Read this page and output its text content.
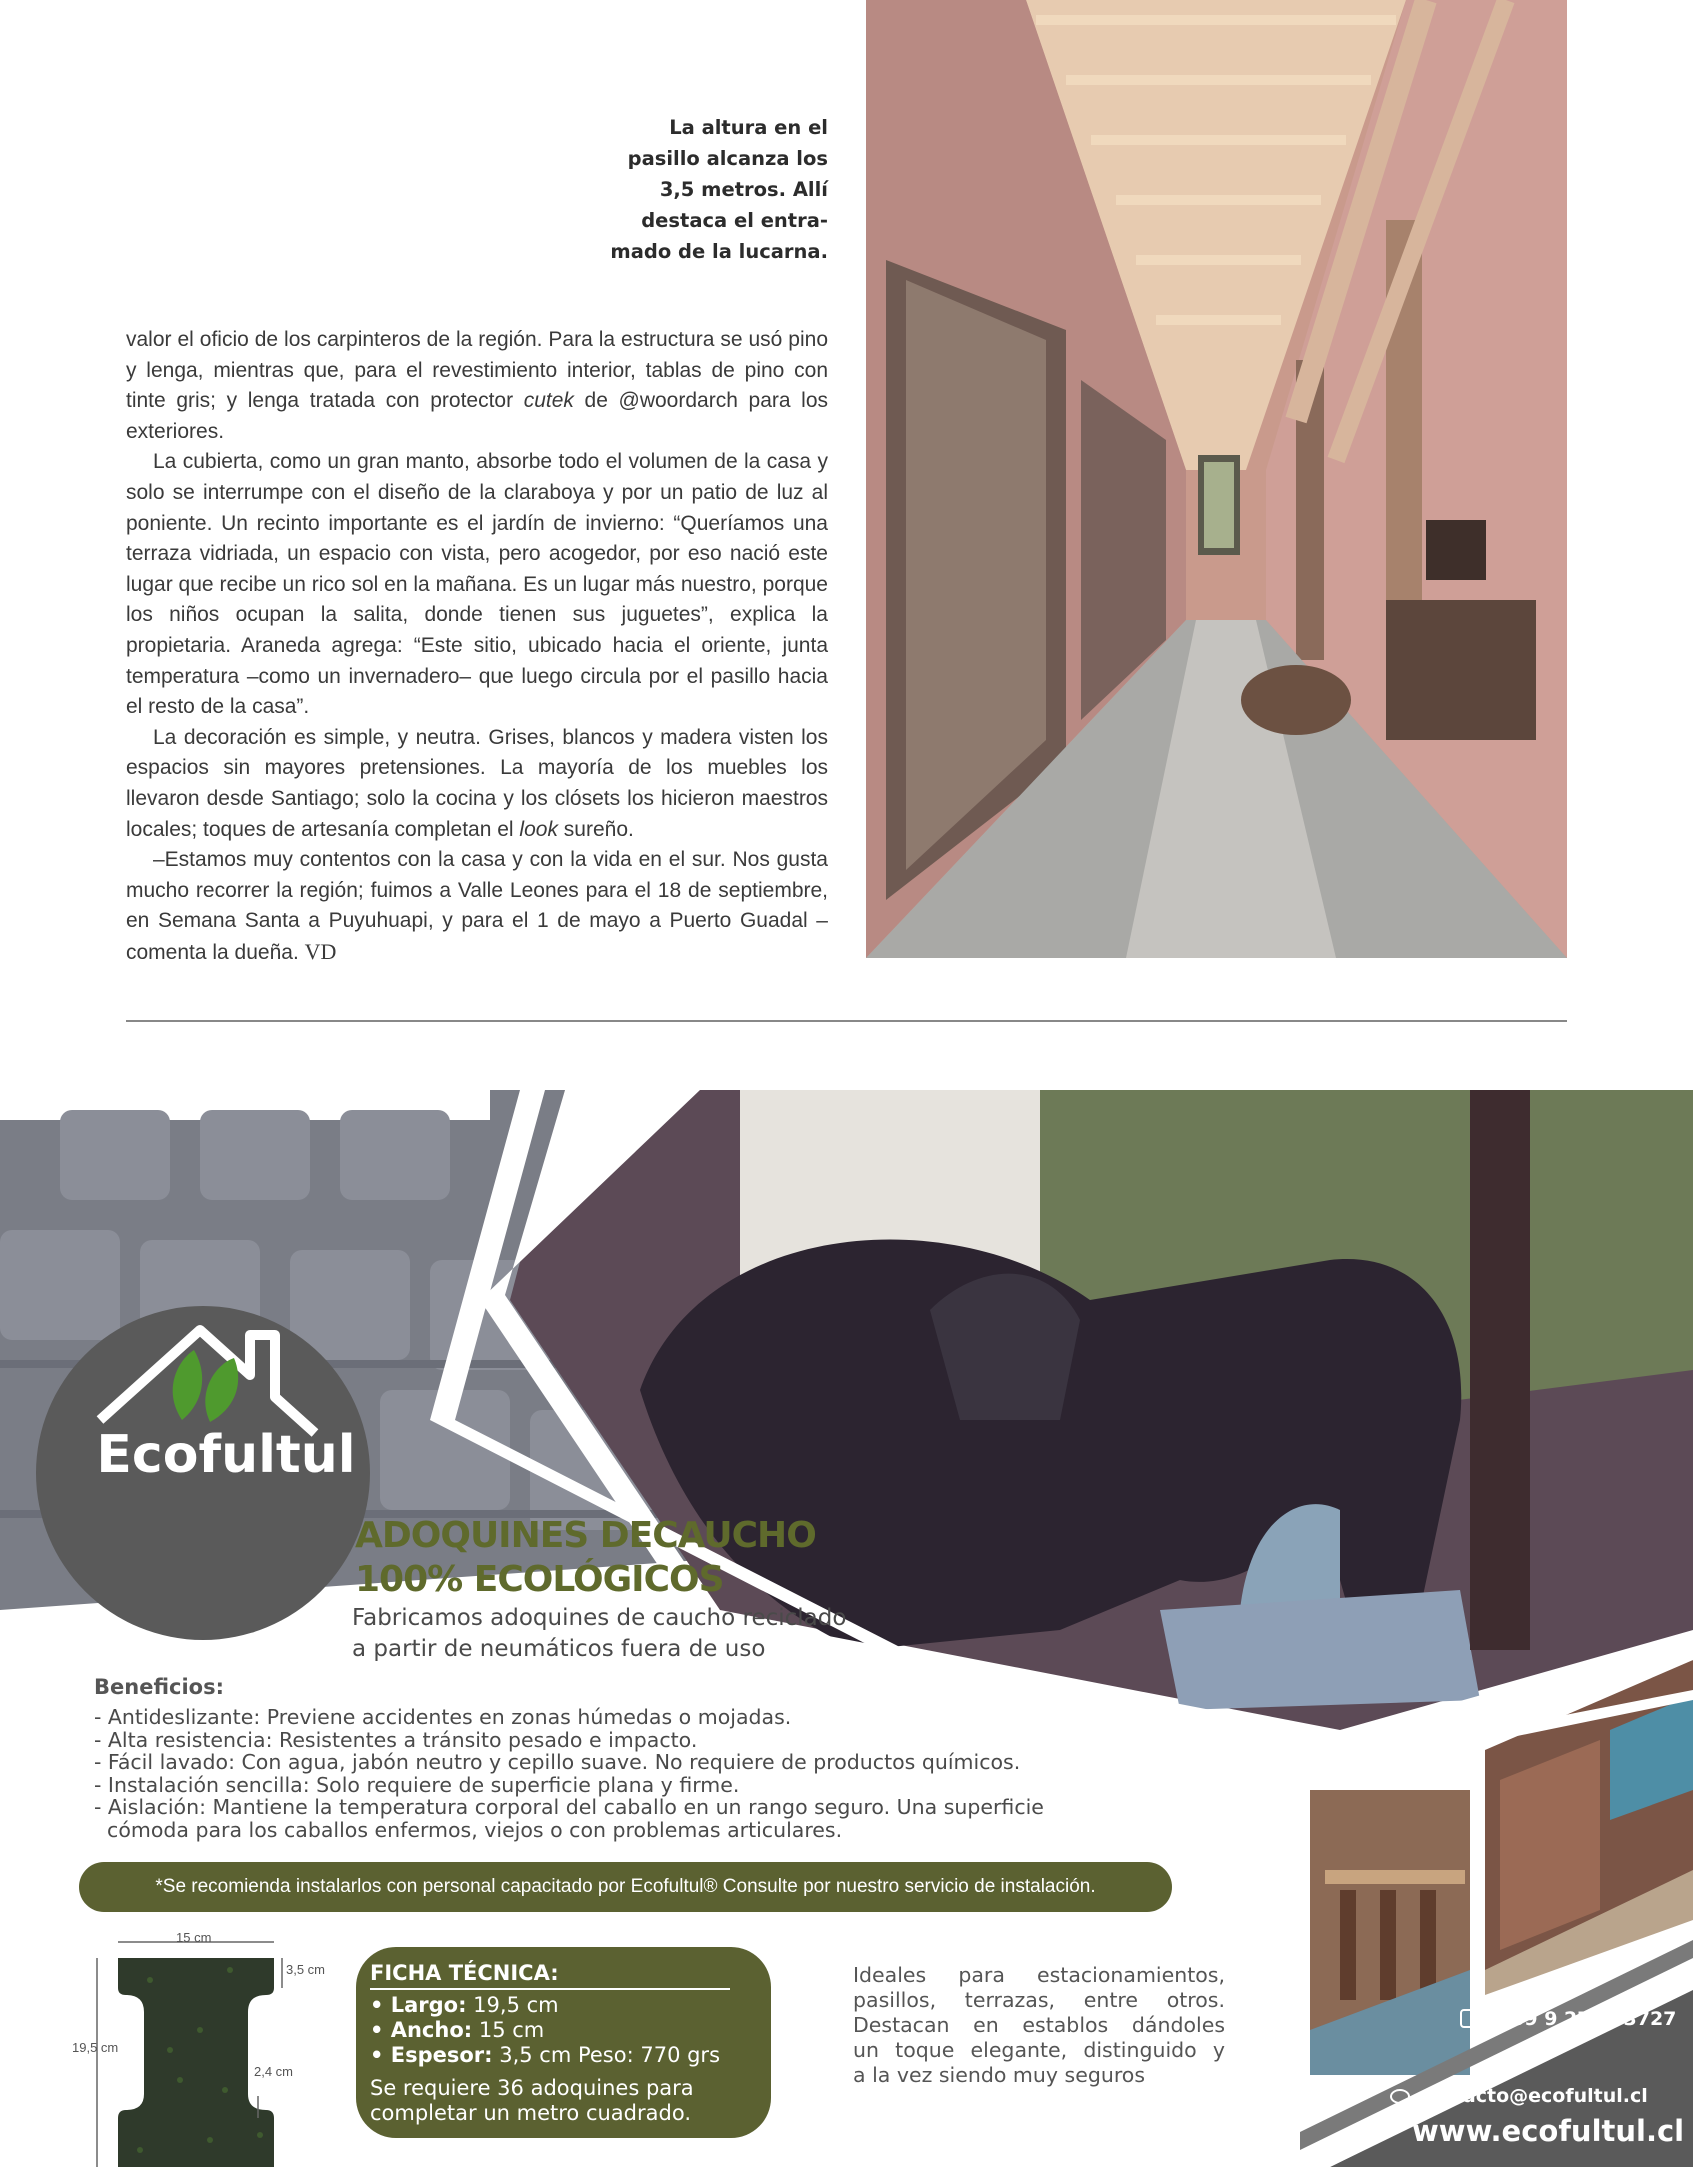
La altura en el
pasillo alcanza los
3,5 metros. Allí
destaca el entra-
mado de la lucarna.

valor el oficio de los carpinteros de la región. Para la estructura se usó pino y lenga, mientras que, para el revestimiento interior, tablas de pino con tinte gris; y lenga tratada con protector cutek de @woordarch para los exteriores.

La cubierta, como un gran manto, absorbe todo el volumen de la casa y solo se interrumpe con el diseño de la claraboya y por un patio de luz al poniente. Un recinto importante es el jardín de invierno: “Queríamos una terraza vidriada, un espacio con vista, pero acogedor, por eso nació este lugar que recibe un rico sol en la mañana. Es un lugar más nuestro, porque los niños ocupan la salita, donde tienen sus juguetes”, explica la propietaria. Araneda agrega: “Este sitio, ubicado hacia el oriente, junta temperatura –como un invernadero– que luego circula por el pasillo hacia el resto de la casa”.

La decoración es simple, y neutra. Grises, blancos y madera visten los espacios sin mayores pretensiones. La mayoría de los muebles los llevaron desde Santiago; solo la cocina y los clósets los hicieron maestros locales; toques de artesanía completan el look sureño.

–Estamos muy contentos con la casa y con la vida en el sur. Nos gusta mucho recorrer la región; fuimos a Valle Leones para el 18 de septiembre, en Semana Santa a Puyuhuapi, y para el 1 de mayo a Puerto Guadal –comenta la dueña. VD

Ecofultul
15 cm
19,5 cm
3,5 cm
2,4 cm
ADOQUINES DECAUCHO
100% ECOLÓGICOS
Fabricamos adoquines de caucho reciclado
a partir de neumáticos fuera de uso
Beneficios:
- Antideslizante: Previene accidentes en zonas húmedas o mojadas.
- Alta resistencia: Resistentes a tránsito pesado e impacto.
- Fácil lavado: Con agua, jabón neutro y cepillo suave. No requiere de productos químicos.
- Instalación sencilla: Solo requiere de superficie plana y firme.
- Aislación: Mantiene la temperatura corporal del caballo en un rango seguro. Una superficie
cómoda para los caballos enfermos, viejos o con problemas articulares.
*Se recomienda instalarlos con personal capacitado por Ecofultul® Consulte por nuestro servicio de instalación.
FICHA TÉCNICA:
• Largo: 19,5 cm
• Ancho: 15 cm
• Espesor: 3,5 cm Peso: 770 grs
Se requiere 36 adoquines para
completar un metro cuadrado.
Ideales para estacionamientos,
pasillos, terrazas, entre otros.
Destacan en establos dándoles
un toque elegante, distinguido y
a la vez siendo muy seguros
+569 9 2737 3727
contacto@ecofultul.cl
www.ecofultul.cl
